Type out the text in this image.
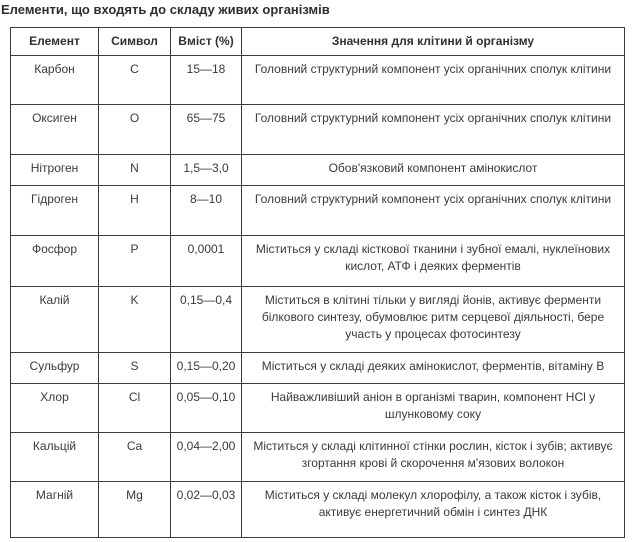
Елементи, що входять до складу живих організмів
Елемент	Символ	Вміст (%)	Значення для клітини й організму
Карбон	C	15—18	Головний структурний компонент усіх органічних сполук клітини
Оксиген	O	65—75	Головний структурний компонент усіх органічних сполук клітини
Нітроген	N	1,5—3,0	Обов'язковий компонент амінокислот
Гідроген	H	8—10	Головний структурний компонент усіх органічних сполук клітини
Фосфор	P	0,0001	Міститься у складі кісткової тканини і зубної емалі, нуклеїнових кислот, АТФ і деяких ферментів
Калій	K	0,15—0,4	Міститься в клітині тільки у вигляді йонів, активує ферменти білкового синтезу, обумовлює ритм серцевої діяльності, бере участь у процесах фотосинтезу
Сульфур	S	0,15—0,20	Міститься у складі деяких амінокислот, ферментів, вітаміну В
Хлор	Cl	0,05—0,10	Найважливіший аніон в організмі тварин, компонент НСl у шлунковому соку
Кальцій	Ca	0,04—2,00	Міститься у складі клітинної стінки рослин, кісток і зубів; активує згортання крові й скорочення м'язових волокон
Магній	Mg	0,02—0,03	Міститься у складі молекул хлорофілу, а також кісток і зубів, активує енергетичний обмін і синтез ДНК
